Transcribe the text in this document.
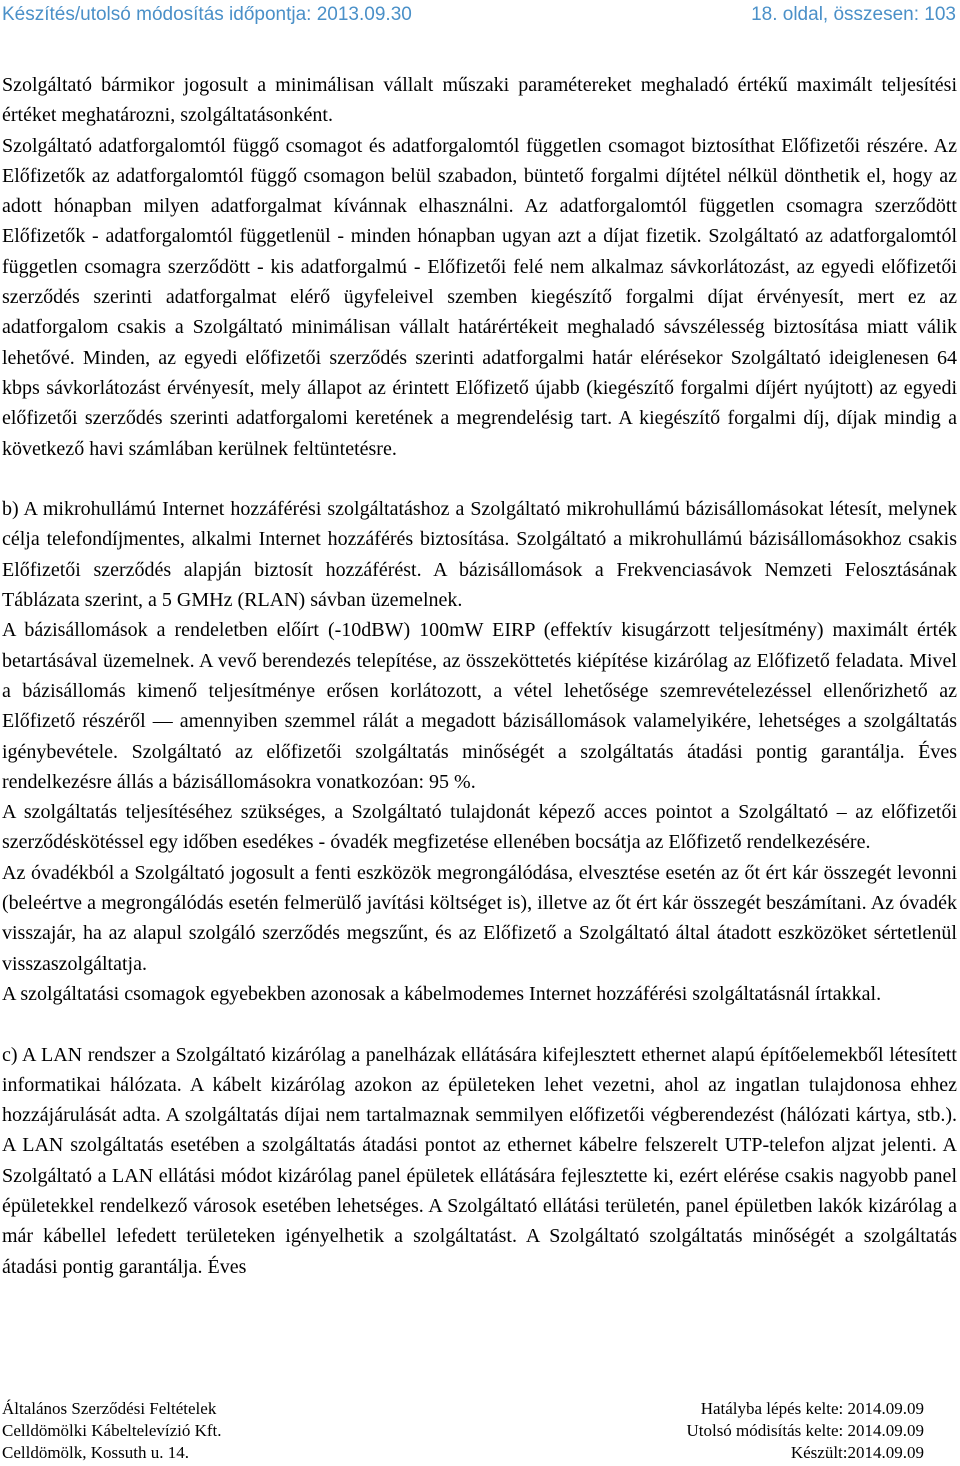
Készítés/utolsó módosítás időpontja: 2013.09.30	18. oldal, összesen: 103

Szolgáltató bármikor jogosult a minimálisan vállalt műszaki paramétereket meghaladó értékű maximált teljesítési értéket meghatározni, szolgáltatásonként.

Szolgáltató adatforgalomtól függő csomagot és adatforgalomtól független csomagot biztosíthat Előfizetői részére. Az Előfizetők az adatforgalomtól függő csomagon belül szabadon, büntető forgalmi díjtétel nélkül dönthetik el, hogy az adott hónapban milyen adatforgalmat kívánnak elhasználni. Az adatforgalomtól független csomagra szerződött Előfizetők - adatforgalomtól függetlenül - minden hónapban ugyan azt a díjat fizetik. Szolgáltató az adatforgalomtól független csomagra szerződött - kis adatforgalmú - Előfizetői felé nem alkalmaz sávkorlátozást, az egyedi előfizetői szerződés szerinti adatforgalmat elérő ügyfeleivel szemben kiegészítő forgalmi díjat érvényesít, mert ez az adatforgalom csakis a Szolgáltató minimálisan vállalt határértékeit meghaladó sávszélesség biztosítása miatt válik lehetővé. Minden, az egyedi előfizetői szerződés szerinti adatforgalmi határ elérésekor Szolgáltató ideiglenesen 64 kbps sávkorlátozást érvényesít, mely állapot az érintett Előfizető újabb (kiegészítő forgalmi díjért nyújtott) az egyedi előfizetői szerződés szerinti adatforgalomi keretének a megrendelésig tart. A kiegészítő forgalmi díj, díjak mindig a következő havi számlában kerülnek feltüntetésre.

b) A mikrohullámú Internet hozzáférési szolgáltatáshoz a Szolgáltató mikrohullámú bázisállomásokat létesít, melynek célja telefondíjmentes, alkalmi Internet hozzáférés biztosítása. Szolgáltató a mikrohullámú bázisállomásokhoz csakis Előfizetői szerződés alapján biztosít hozzáférést. A bázisállomások a Frekvenciasávok Nemzeti Felosztásának Táblázata szerint, a 5 GMHz (RLAN) sávban üzemelnek.

A bázisállomások a rendeletben előírt (-10dBW) 100mW EIRP (effektív kisugárzott teljesítmény) maximált érték betartásával üzemelnek. A vevő berendezés telepítése, az összeköttetés kiépítése kizárólag az Előfizető feladata. Mivel a bázisállomás kimenő teljesítménye erősen korlátozott, a vétel lehetősége szemrevételezéssel ellenőrizhető az Előfizető részéről — amennyiben szemmel rálát a megadott bázisállomások valamelyikére, lehetséges a szolgáltatás igénybevétele. Szolgáltató az előfizetői szolgáltatás minőségét a szolgáltatás átadási pontig garantálja. Éves rendelkezésre állás a bázisállomásokra vonatkozóan: 95 %.

A szolgáltatás teljesítéséhez szükséges, a Szolgáltató tulajdonát képező acces pointot a Szolgáltató – az előfizetői szerződéskötéssel egy időben esedékes - óvadék megfizetése ellenében bocsátja az Előfizető rendelkezésére.

Az óvadékból a Szolgáltató jogosult a fenti eszközök megrongálódása, elvesztése esetén az őt ért kár összegét levonni (beleértve a megrongálódás esetén felmerülő javítási költséget is), illetve az őt ért kár összegét beszámítani. Az óvadék visszajár, ha az alapul szolgáló szerződés megszűnt, és az Előfizető a Szolgáltató által átadott eszközöket sértetlenül visszaszolgáltatja.

A szolgáltatási csomagok egyebekben azonosak a kábelmodemes Internet hozzáférési szolgáltatásnál írtakkal.

c) A LAN rendszer a Szolgáltató kizárólag a panelházak ellátására kifejlesztett ethernet alapú építőelemekből létesített informatikai hálózata. A kábelt kizárólag azokon az épületeken lehet vezetni, ahol az ingatlan tulajdonosa ehhez hozzájárulását adta. A szolgáltatás díjai nem tartalmaznak semmilyen előfizetői végberendezést (hálózati kártya, stb.). A LAN szolgáltatás esetében a szolgáltatás átadási pontot az ethernet kábelre felszerelt UTP-telefon aljzat jelenti. A Szolgáltató a LAN ellátási módot kizárólag panel épületek ellátására fejlesztette ki, ezért elérése csakis nagyobb panel épületekkel rendelkező városok esetében lehetséges. A Szolgáltató ellátási területén, panel épületben lakók kizárólag a már kábellel lefedett területeken igényelhetik a szolgáltatást. A Szolgáltató szolgáltatás minőségét a szolgáltatás átadási pontig garantálja. Éves

Általános Szerződési Feltételek	Hatályba lépés kelte: 2014.09.09
Celldömölki Kábeltelevízió Kft.	Utolsó módisítás kelte: 2014.09.09
Celldömölk, Kossuth u. 14.	Készült:2014.09.09
